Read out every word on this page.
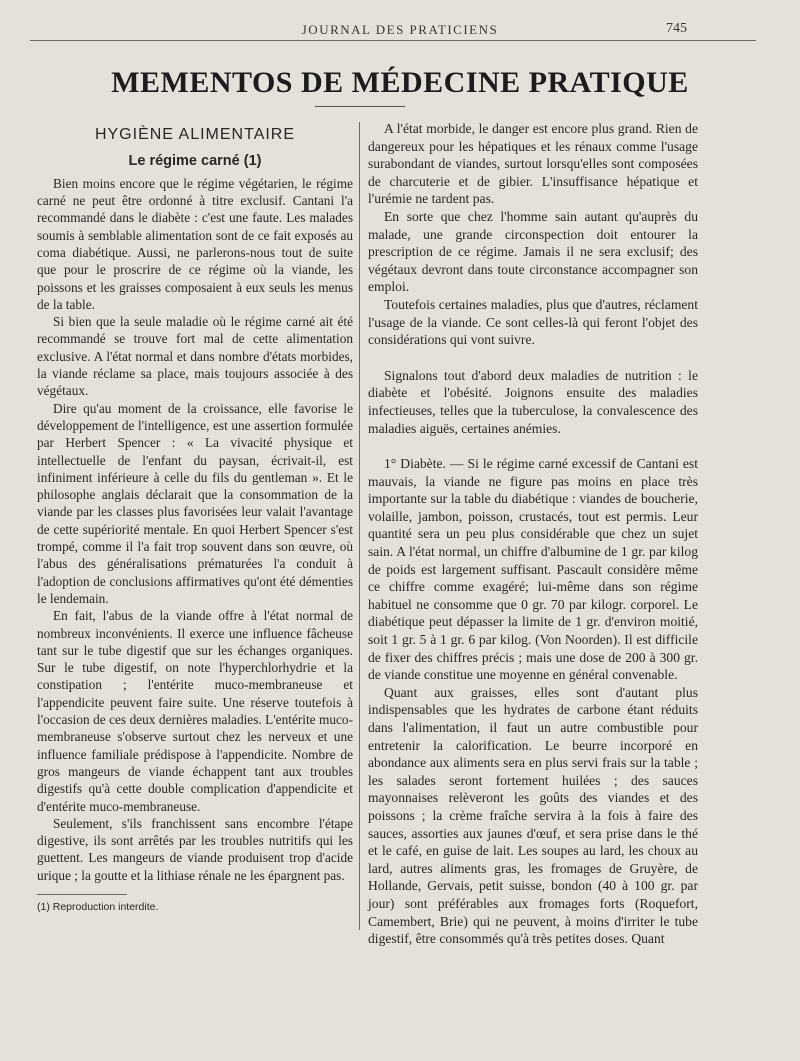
JOURNAL DES PRATICIENS	745
MEMENTOS DE MÉDECINE PRATIQUE
HYGIÈNE ALIMENTAIRE
Le régime carné (1)

Bien moins encore que le régime végétarien, le régime carné ne peut être ordonné à titre exclusif. Cantani l'a recommandé dans le diabète : c'est une faute. Les malades soumis à semblable alimentation sont de ce fait exposés au coma diabétique. Aussi, ne parlerons-nous tout de suite que pour le proscrire de ce régime où la viande, les poissons et les graisses composaient à eux seuls les menus de la table.

Si bien que la seule maladie où le régime carné ait été recommandé se trouve fort mal de cette alimentation exclusive. A l'état normal et dans nombre d'états morbides, la viande réclame sa place, mais toujours associée à des végétaux.

Dire qu'au moment de la croissance, elle favorise le développement de l'intelligence, est une assertion formulée par Herbert Spencer : « La vivacité physique et intellectuelle de l'enfant du paysan, écrivait-il, est infiniment inférieure à celle du fils du gentleman ». Et le philosophe anglais déclarait que la consommation de la viande par les classes plus favorisées leur valait l'avantage de cette supériorité mentale. En quoi Herbert Spencer s'est trompé, comme il l'a fait trop souvent dans son œuvre, où l'abus des généralisations prématurées l'a conduit à l'adoption de conclusions affirmatives qu'ont été démenties le lendemain.

En fait, l'abus de la viande offre à l'état normal de nombreux inconvénients. Il exerce une influence fâcheuse tant sur le tube digestif que sur les échanges organiques. Sur le tube digestif, on note l'hyperchlorhydrie et la constipation ; l'entérite muco-membraneuse et l'appendicite peuvent faire suite. Une réserve toutefois à l'occasion de ces deux dernières maladies. L'entérite muco-membraneuse s'observe surtout chez les nerveux et une influence familiale prédispose à l'appendicite. Nombre de gros mangeurs de viande échappent tant aux troubles digestifs qu'à cette double complication d'appendicite et d'entérite muco-membraneuse.

Seulement, s'ils franchissent sans encombre l'étape digestive, ils sont arrêtés par les troubles nutritifs qui les guettent. Les mangeurs de viande produisent trop d'acide urique ; la goutte et la lithiase rénale ne les épargnent pas.

(1) Reproduction interdite.

A l'état morbide, le danger est encore plus grand. Rien de dangereux pour les hépatiques et les rénaux comme l'usage surabondant de viandes, surtout lorsqu'elles sont composées de charcuterie et de gibier. L'insuffisance hépatique et l'urémie ne tardent pas.

En sorte que chez l'homme sain autant qu'auprès du malade, une grande circonspection doit entourer la prescription de ce régime. Jamais il ne sera exclusif; des végétaux devront dans toute circonstance accompagner son emploi.

Toutefois certaines maladies, plus que d'autres, réclament l'usage de la viande. Ce sont celles-là qui feront l'objet des considérations qui vont suivre.

Signalons tout d'abord deux maladies de nutrition : le diabète et l'obésité. Joignons ensuite des maladies infectieuses, telles que la tuberculose, la convalescence des maladies aiguës, certaines anémies.

1° Diabète. — Si le régime carné excessif de Cantani est mauvais, la viande ne figure pas moins en place très importante sur la table du diabétique : viandes de boucherie, volaille, jambon, poisson, crustacés, tout est permis. Leur quantité sera un peu plus considérable que chez un sujet sain. A l'état normal, un chiffre d'albumine de 1 gr. par kilog de poids est largement suffisant. Pascault considère même ce chiffre comme exagéré; lui-même dans son régime habituel ne consomme que 0 gr. 70 par kilogr. corporel. Le diabétique peut dépasser la limite de 1 gr. d'environ moitié, soit 1 gr. 5 à 1 gr. 6 par kilog. (Von Noorden). Il est difficile de fixer des chiffres précis ; mais une dose de 200 à 300 gr. de viande constitue une moyenne en général convenable.

Quant aux graisses, elles sont d'autant plus indispensables que les hydrates de carbone étant réduits dans l'alimentation, il faut un autre combustible pour entretenir la calorification. Le beurre incorporé en abondance aux aliments sera en plus servi frais sur la table ; les salades seront fortement huilées ; des sauces mayonnaises relèveront les goûts des viandes et des poissons ; la crème fraîche servira à la fois à faire des sauces, assorties aux jaunes d'œuf, et sera prise dans le thé et le café, en guise de lait. Les soupes au lard, les choux au lard, autres aliments gras, les fromages de Gruyère, de Hollande, Gervais, petit suisse, bondon (40 à 100 gr. par jour) sont préférables aux fromages forts (Roquefort, Camembert, Brie) qui ne peuvent, à moins d'irriter le tube digestif, être consommés qu'à très petites doses. Quant
